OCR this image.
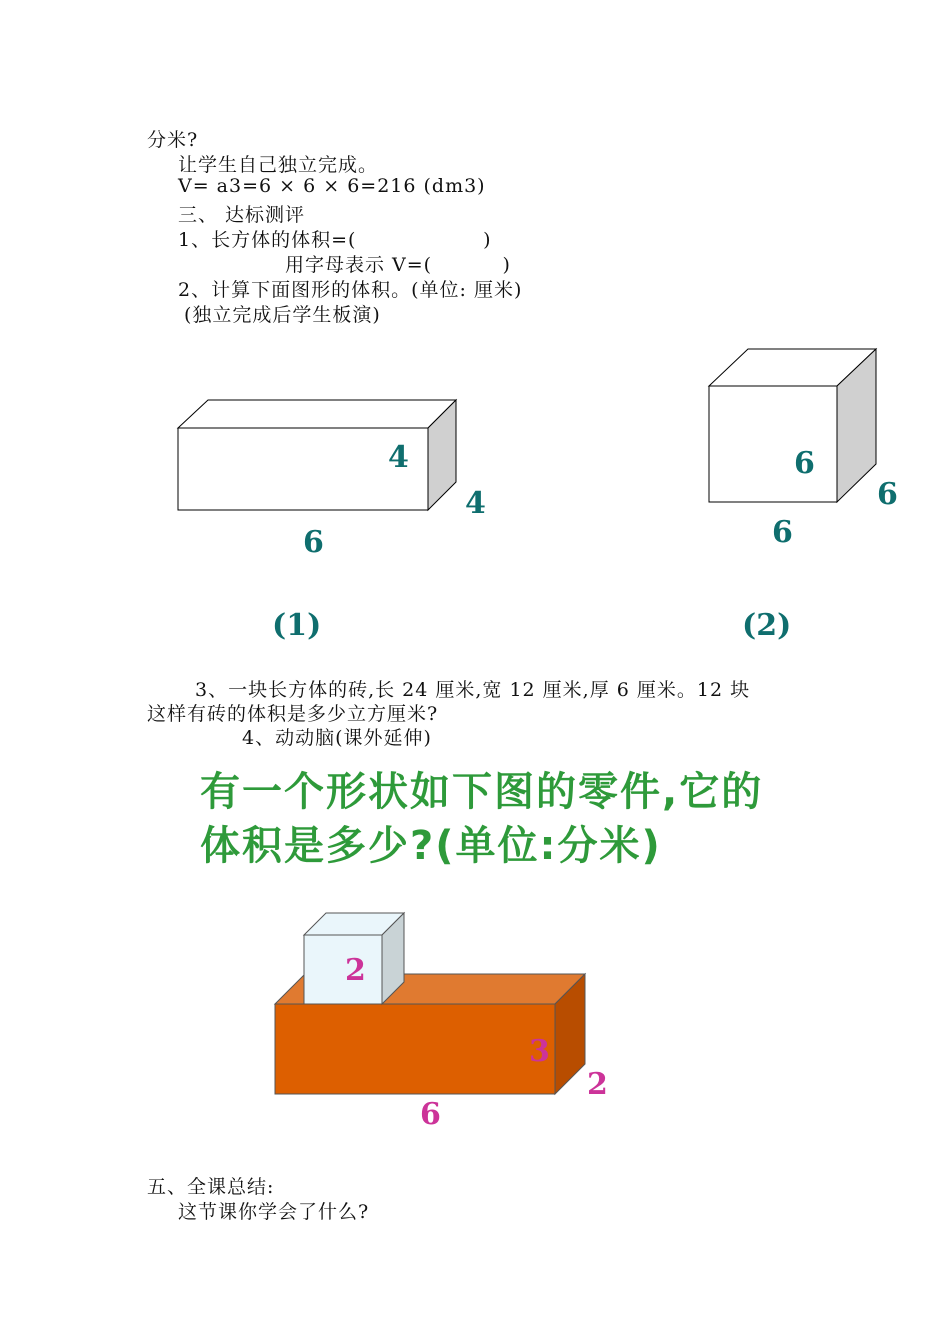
分米?
让学生自己独立完成。
V= a3=6 × 6 × 6=216 (dm3)
三、 达标测评
1、长方体的体积=(                  )
用字母表示 V=(          )
2、计算下面图形的体积。(单位: 厘米)
(独立完成后学生板演)
4
4
6
(1)
6
6
6
(2)
3、一块长方体的砖,长 24 厘米,宽 12 厘米,厚 6 厘米。12 块
这样有砖的体积是多少立方厘米?
4、动动脑(课外延伸)
有一个形状如下图的零件,它的
体积是多少?(单位:分米)
2
3
2
6
五、全课总结:
这节课你学会了什么?
